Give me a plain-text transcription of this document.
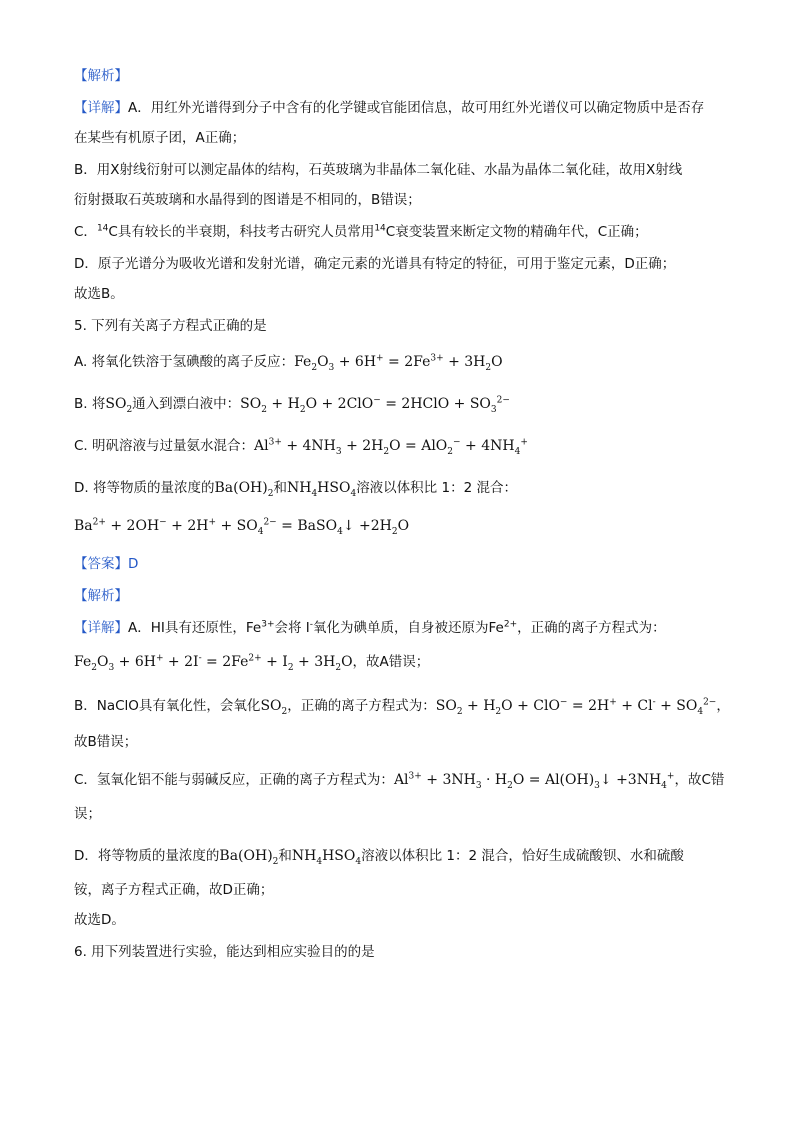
【解析】
【详解】A．用红外光谱得到分子中含有的化学键或官能团信息，故可用红外光谱仪可以确定物质中是否存
在某些有机原子团，A正确；
B．用X射线衍射可以测定晶体的结构，石英玻璃为非晶体二氧化硅、水晶为晶体二氧化硅，故用X射线
衍射摄取石英玻璃和水晶得到的图谱是不相同的，B错误；
C．$^{14}$C具有较长的半衰期，科技考古研究人员常用$^{14}$C衰变装置来断定文物的精确年代，C正确；
D．原子光谱分为吸收光谱和发射光谱，确定元素的光谱具有特定的特征，可用于鉴定元素，D正确；
故选B。
5. 下列有关离子方程式正确的是
A. 将氧化铁溶于氢碘酸的离子反应：$Fe_2O_3 + 6H^+ = 2Fe^{3+} + 3H_2O$
B. 将$SO_2$通入到漂白液中：$SO_2 + H_2O + 2ClO^-$ = 2HClO + $SO_3^{2-}$
C. 明矾溶液与过量氨水混合：$Al^{3+} + 4NH_3 + 2H_2O = AlO_2^- + 4NH_4^+$
D. 将等物质的量浓度的$Ba(OH)_2$和$NH_4HSO_4$溶液以体积比 1：2 混合：
$Ba^{2+} + 2OH^- + 2H^+ + SO_4^{2-}$ = BaSO$_4$↓ $+2H_2O$
【答案】D
【解析】
【详解】A．HI具有还原性，$Fe^{3+}$会将 I-氧化为碘单质，自身被还原为$Fe^{2+}$，正确的离子方程式为：
$Fe_2O_3 + 6H^+ + 2I^- = 2Fe^{2+} + I_2 + 3H_2O$，故A错误；
B．NaClO具有氧化性，会氧化$SO_2$，正确的离子方程式为：$SO_2 + H_2O + ClO^- = 2H^+ + Cl^- + SO_4^{2-}$，
故B错误；
C．氢氧化铝不能与弱碱反应，正确的离子方程式为：$Al^{3+} + 3NH_3 \cdot H_2O$ = $Al(OH)_3↓ +3NH_4^+$，故C错
误；
D．将等物质的量浓度的$Ba(OH)_2$和$NH_4HSO_4$溶液以体积比 1：2 混合，恰好生成硫酸钡、水和硫酸
铵，离子方程式正确，故D正确；
故选D。
6. 用下列装置进行实验，能达到相应实验目的的是
